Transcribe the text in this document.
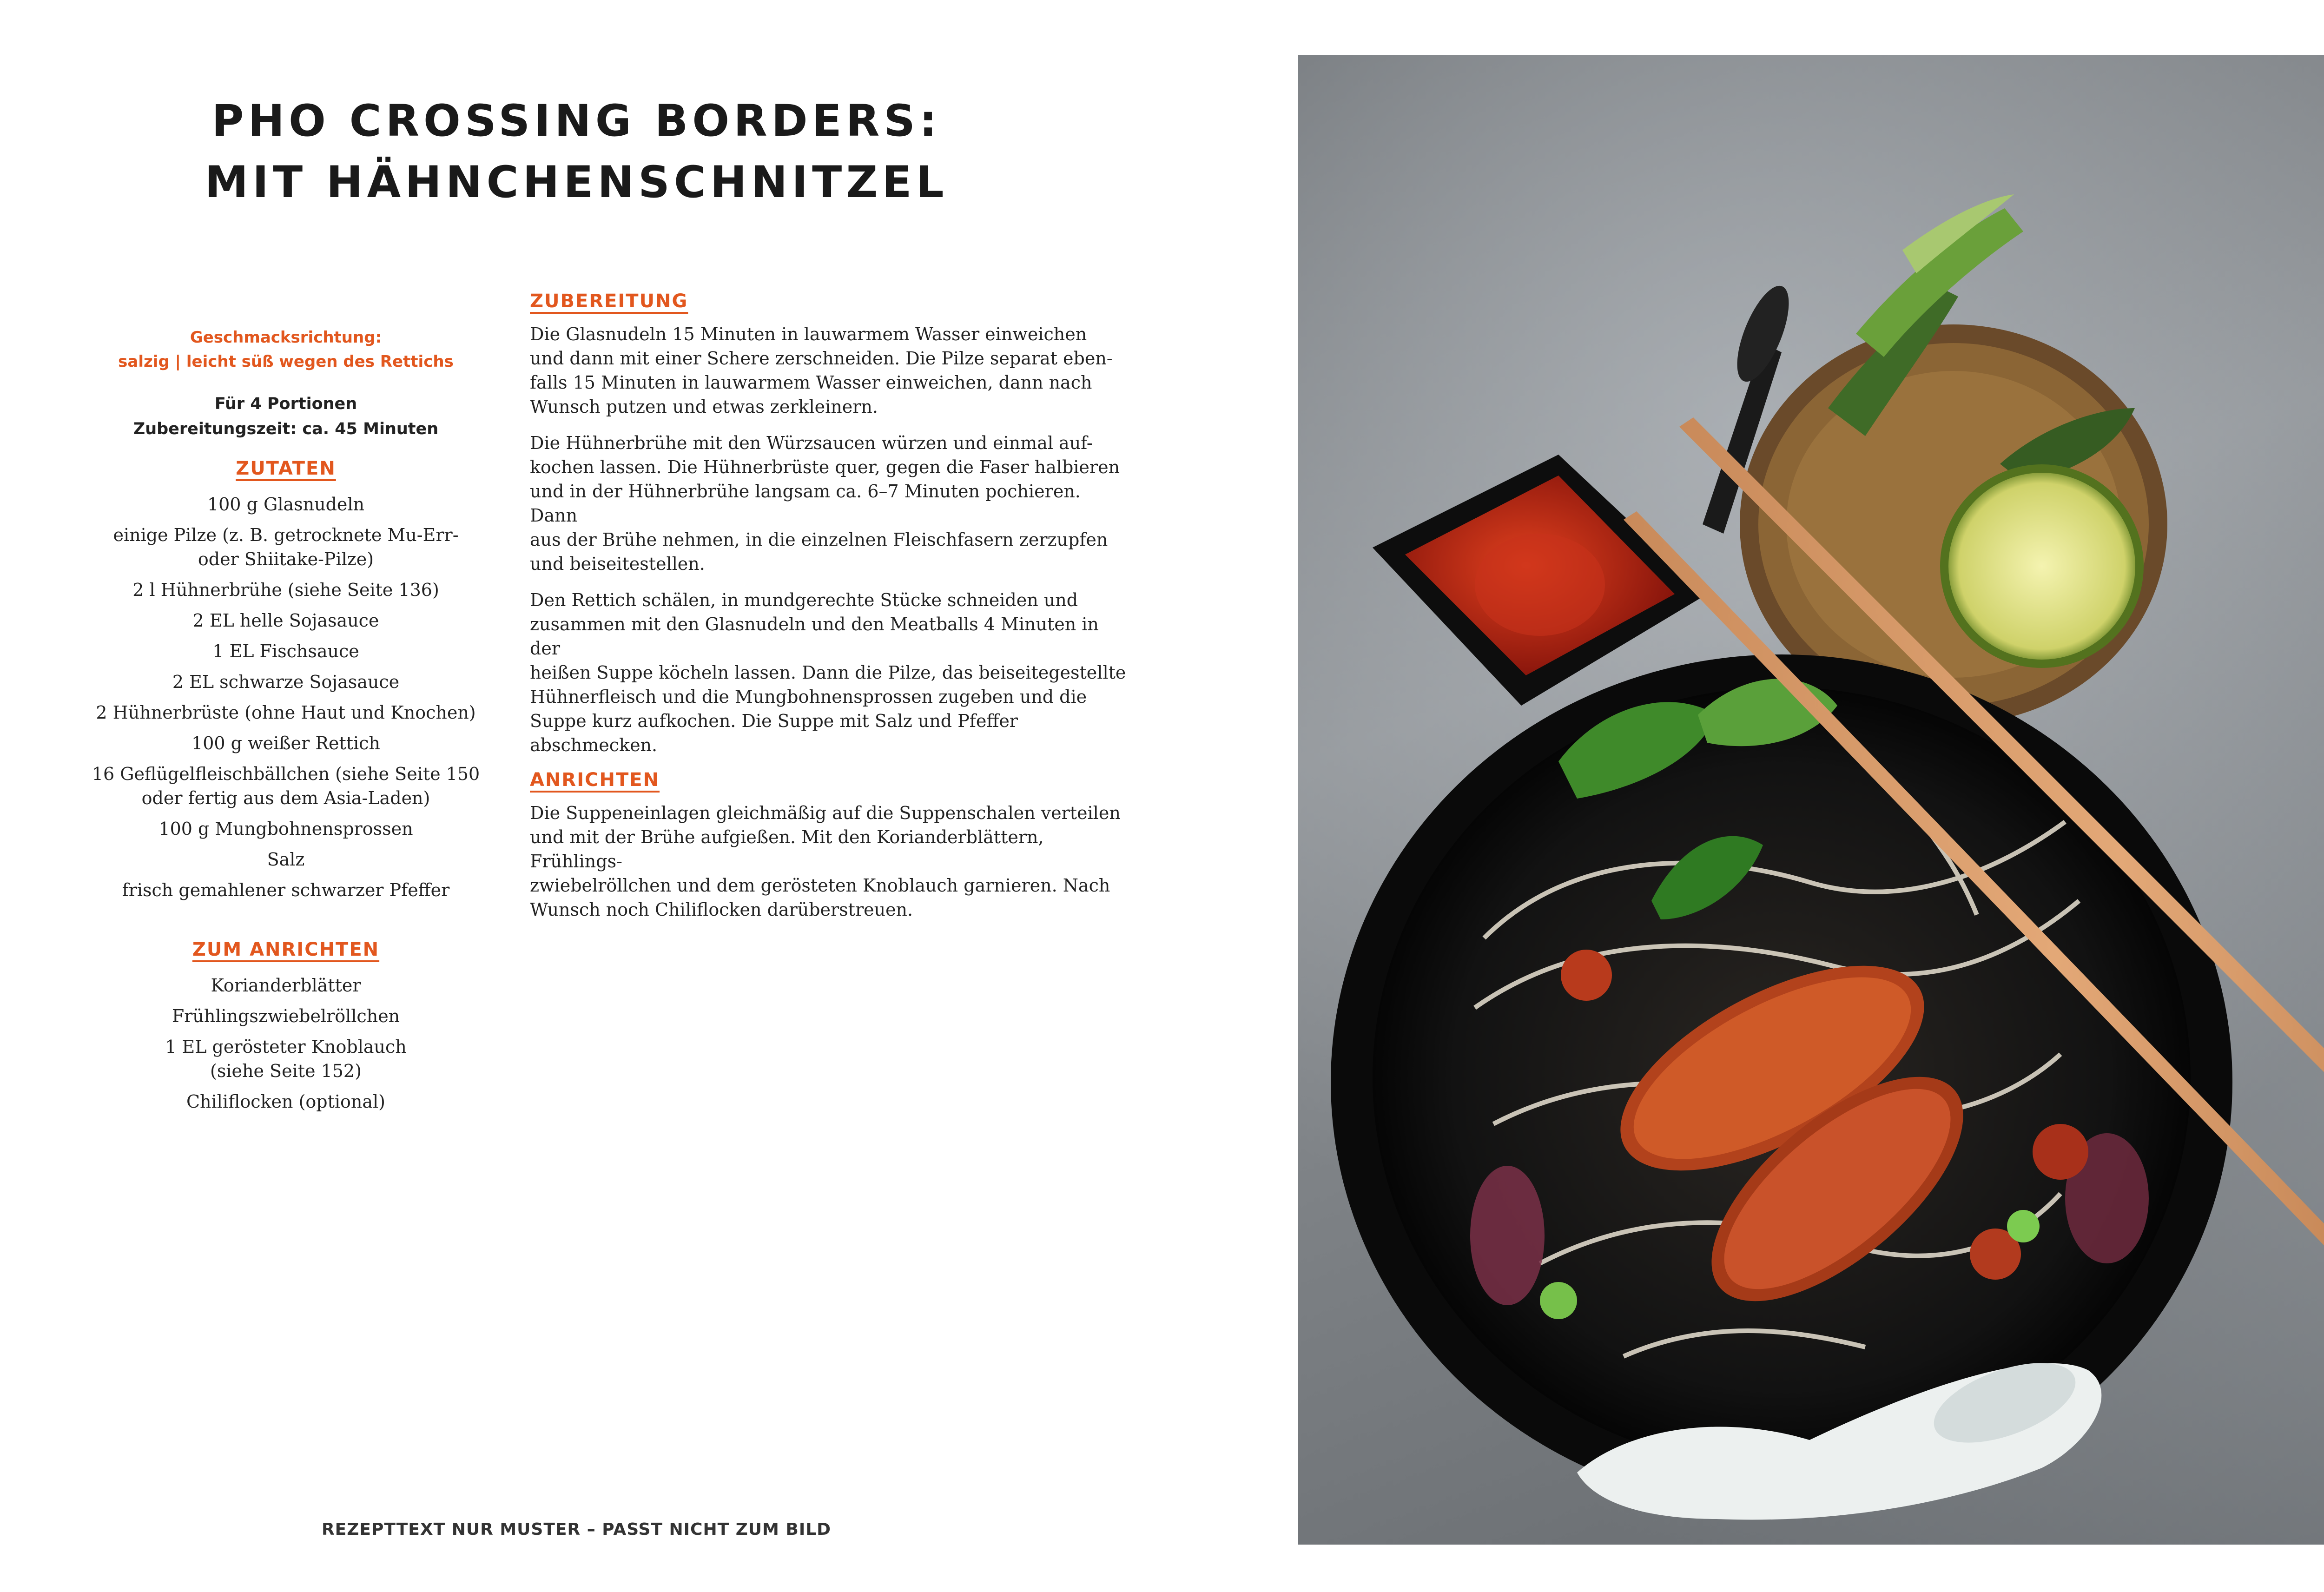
PHO CROSSING BORDERS:
MIT HÄHNCHENSCHNITZEL
Geschmacksrichtung:
salzig | leicht süß wegen des Rettichs
Für 4 Portionen
Zubereitungszeit: ca. 45 Minuten
ZUTATEN
100 g Glasnudeln
einige Pilze (z. B. getrocknete Mu-Err-
oder Shiitake-Pilze)
2 l Hühnerbrühe (siehe Seite 136)
2 EL helle Sojasauce
1 EL Fischsauce
2 EL schwarze Sojasauce
2 Hühnerbrüste (ohne Haut und Knochen)
100 g weißer Rettich
16 Geflügelfleischbällchen (siehe Seite 150
oder fertig aus dem Asia-Laden)
100 g Mungbohnensprossen
Salz
frisch gemahlener schwarzer Pfeffer
ZUM ANRICHTEN
Korianderblätter
Frühlingszwiebelröllchen
1 EL gerösteter Knoblauch
(siehe Seite 152)
Chiliflocken (optional)
ZUBEREITUNG

Die Glasnudeln 15 Minuten in lauwarmem Wasser einweichen
und dann mit einer Schere zerschneiden. Die Pilze separat eben-
falls 15 Minuten in lauwarmem Wasser einweichen, dann nach
Wunsch putzen und etwas zerkleinern.

Die Hühnerbrühe mit den Würzsaucen würzen und einmal auf-
kochen lassen. Die Hühnerbrüste quer, gegen die Faser halbieren
und in der Hühnerbrühe langsam ca. 6–7 Minuten pochieren. Dann
aus der Brühe nehmen, in die einzelnen Fleischfasern zerzupfen
und beiseitestellen.

Den Rettich schälen, in mundgerechte Stücke schneiden und
zusammen mit den Glasnudeln und den Meatballs 4 Minuten in der
heißen Suppe köcheln lassen. Dann die Pilze, das beiseitegestellte
Hühnerfleisch und die Mungbohnensprossen zugeben und die
Suppe kurz aufkochen. Die Suppe mit Salz und Pfeffer
abschmecken.

ANRICHTEN

Die Suppeneinlagen gleichmäßig auf die Suppenschalen verteilen
und mit der Brühe aufgießen. Mit den Korianderblättern, Frühlings-
zwiebelröllchen und dem gerösteten Knoblauch garnieren. Nach
Wunsch noch Chiliflocken darüberstreuen.

REZEPTTEXT NUR MUSTER – PASST NICHT ZUM BILD
